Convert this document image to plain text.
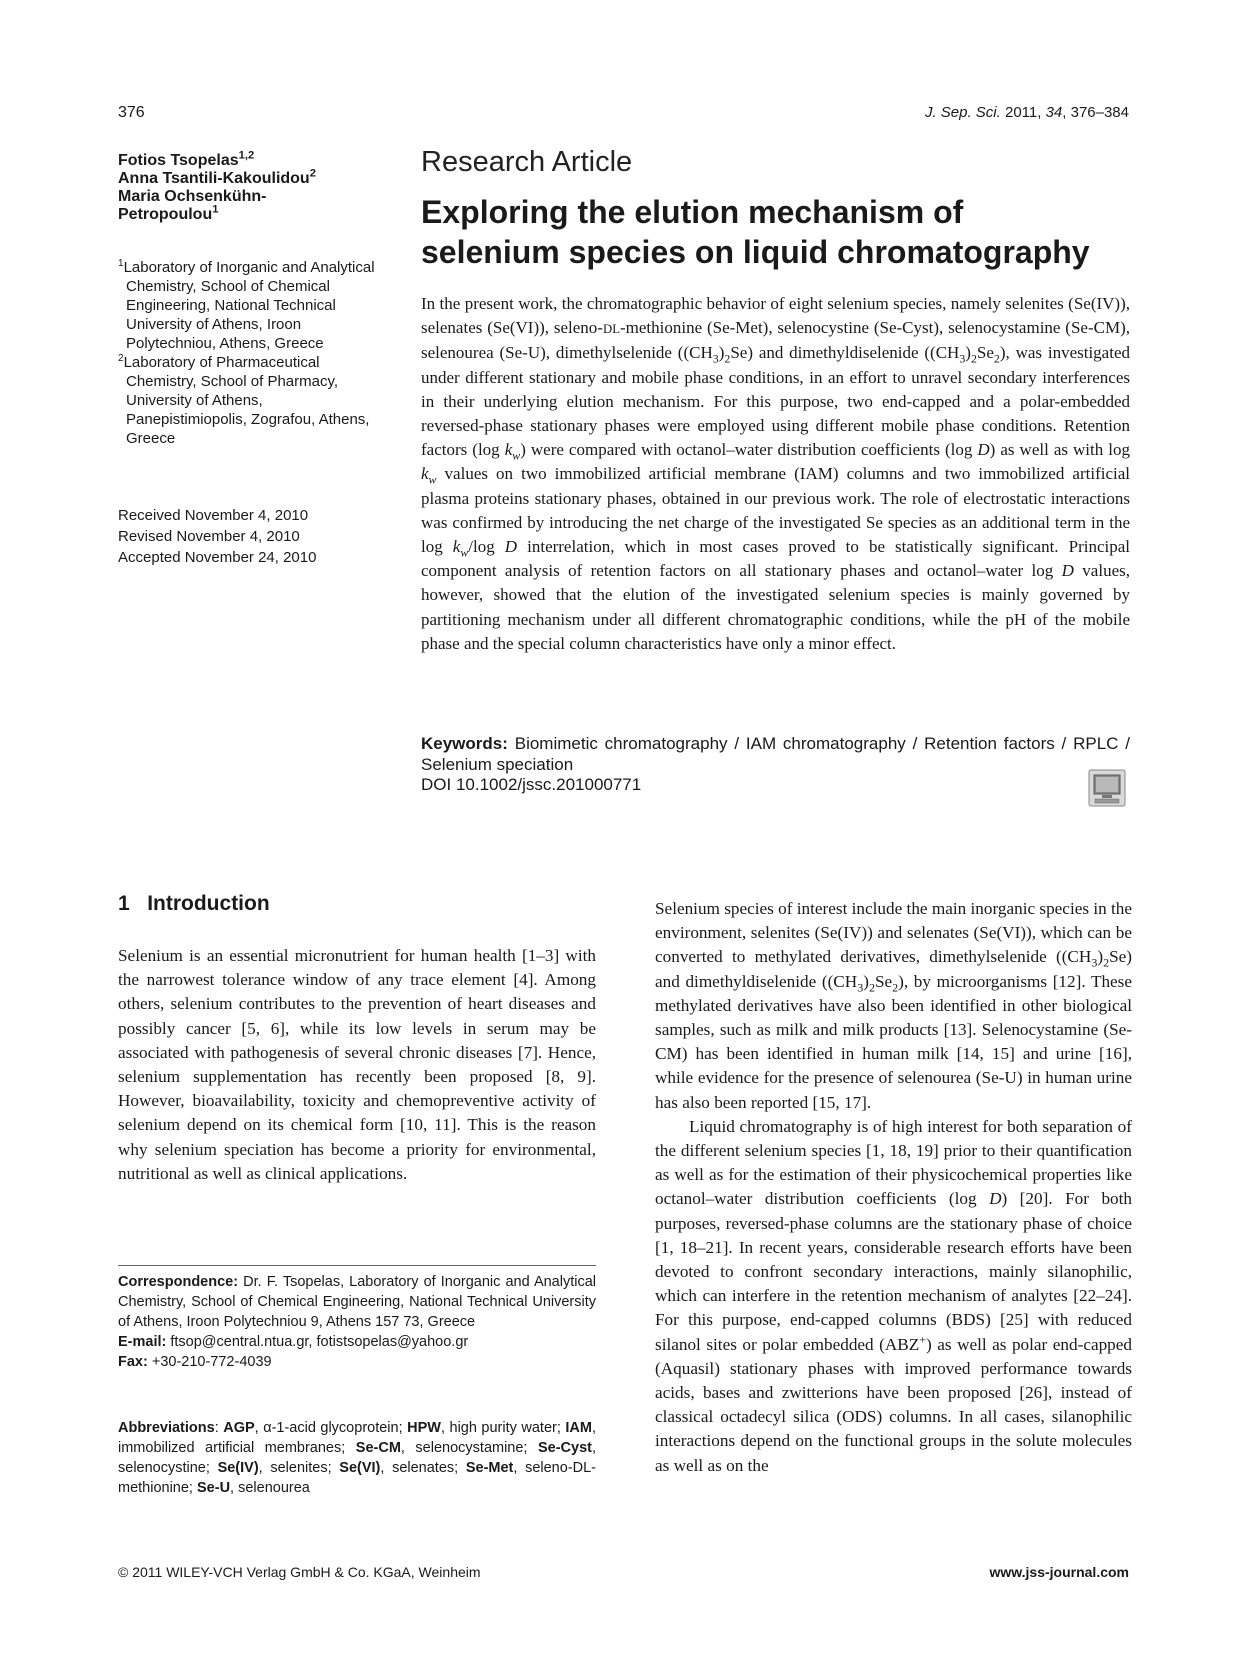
376	J. Sep. Sci. 2011, 34, 376–384
Fotios Tsopelas$^{1,2}$
Anna Tsantili-Kakoulidou$^2$
Maria Ochsenkühn-
Petropoulou$^1$
$^1$Laboratory of Inorganic and Analytical Chemistry, School of Chemical Engineering, National Technical University of Athens, Iroon Polytechniou, Athens, Greece
$^2$Laboratory of Pharmaceutical Chemistry, School of Pharmacy, University of Athens, Panepistimiopolis, Zografou, Athens, Greece
Received November 4, 2010
Revised November 4, 2010
Accepted November 24, 2010
Research Article
Exploring the elution mechanism of
selenium species on liquid chromatography
In the present work, the chromatographic behavior of eight selenium species, namely selenites (Se(IV)), selenates (Se(VI)), seleno-DL-methionine (Se-Met), selenocystine (Se-Cyst), selenocystamine (Se-CM), selenourea (Se-U), dimethylselenide $((CH_3)_2Se)$ and dimethyldiselenide $((CH_3)_2Se_2)$, was investigated under different stationary and mobile phase conditions, in an effort to unravel secondary interferences in their underlying elution mechanism. For this purpose, two end-capped and a polar-embedded reversed-phase stationary phases were employed using different mobile phase conditions. Retention factors (log $k_w$) were compared with octanol–water distribution coefficients (log D) as well as with $\log k_w$ values on two immobilized artificial membrane (IAM) columns and two immobilized artificial plasma proteins stationary phases, obtained in our previous work. The role of electrostatic interactions was confirmed by introducing the net charge of the investigated Se species as an additional term in the $\log k_w/\log$ D interrelation, which in most cases proved to be statistically significant. Principal component analysis of retention factors on all stationary phases and octanol–water log D values, however, showed that the elution of the investigated selenium species is mainly governed by partitioning mechanism under all different chromatographic conditions, while the pH of the mobile phase and the special column characteristics have only a minor effect.
Keywords: Biomimetic chromatography / IAM chromatography / Retention factors / RPLC / Selenium speciation
DOI 10.1002/jssc.201000771
1 Introduction
Selenium is an essential micronutrient for human health [1–3] with the narrowest tolerance window of any trace element [4]. Among others, selenium contributes to the prevention of heart diseases and possibly cancer [5, 6], while its low levels in serum may be associated with pathogenesis of several chronic diseases [7]. Hence, selenium supplementation has recently been proposed [8, 9]. However, bioavailability, toxicity and chemopreventive activity of selenium depend on its chemical form [10, 11]. This is the reason why selenium speciation has become a priority for environmental, nutritional as well as clinical applications.
Correspondence: Dr. F. Tsopelas, Laboratory of Inorganic and Analytical Chemistry, School of Chemical Engineering, National Technical University of Athens, Iroon Polytechniou 9, Athens 157 73, Greece
E-mail: ftsop@central.ntua.gr, fotistsopelas@yahoo.gr
Fax: +30-210-772-4039
Abbreviations: AGP, α-1-acid glycoprotein; HPW, high purity water; IAM, immobilized artificial membranes; Se-CM, selenocystamine; Se-Cyst, selenocystine; Se(IV), selenites; Se(VI), selenates; Se-Met, seleno-DL-methionine; Se-U, selenourea

Selenium species of interest include the main inorganic species in the environment, selenites (Se(IV)) and selenates (Se(VI)), which can be converted to methylated derivatives, dimethylselenide $((CH_3)_2Se)$ and dimethyldiselenide $((CH_3)_2Se_2)$, by microorganisms [12]. These methylated derivatives have also been identified in other biological samples, such as milk and milk products [13]. Selenocystamine (Se-CM) has been identified in human milk [14, 15] and urine [16], while evidence for the presence of selenourea (Se-U) in human urine has also been reported [15, 17].

Liquid chromatography is of high interest for both separation of the different selenium species [1, 18, 19] prior to their quantification as well as for the estimation of their physicochemical properties like octanol–water distribution coefficients (log D) [20]. For both purposes, reversed-phase columns are the stationary phase of choice [1, 18–21]. In recent years, considerable research efforts have been devoted to confront secondary interactions, mainly silanophilic, which can interfere in the retention mechanism of analytes [22–24]. For this purpose, end-capped columns (BDS) [25] with reduced silanol sites or polar embedded (ABZ+) as well as polar end-capped (Aquasil) stationary phases with improved performance towards acids, bases and zwitterions have been proposed [26], instead of classical octadecyl silica (ODS) columns. In all cases, silanophilic interactions depend on the functional groups in the solute molecules as well as on the

© 2011 WILEY-VCH Verlag GmbH & Co. KGaA, Weinheim	www.jss-journal.com
